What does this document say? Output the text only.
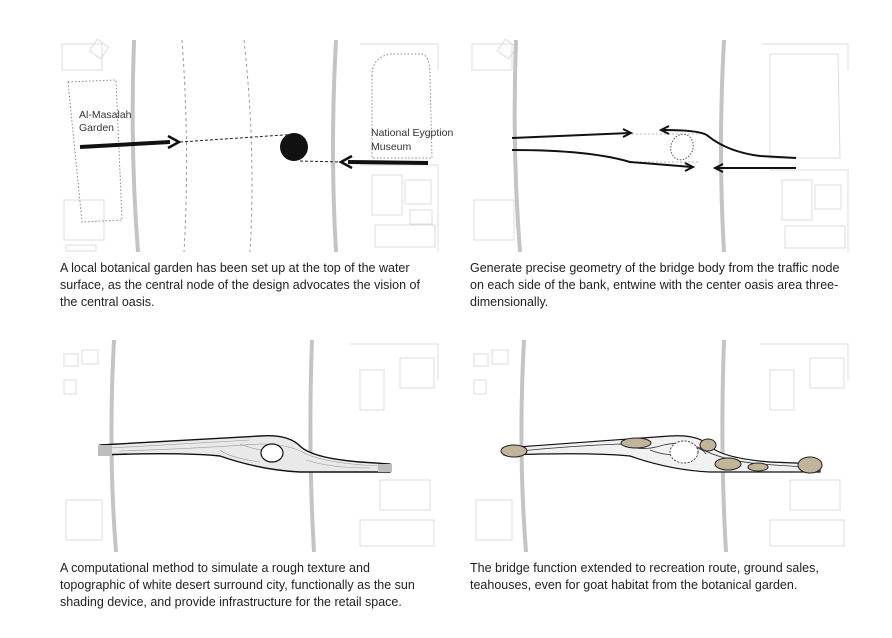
Al-Masalah
Garden	National Eygption
Museum

A local botanical garden has been set up at the top of the water surface, as the central node of the design advocates the vision of the central oasis.

Generate precise geometry of the bridge body from the traffic node on each side of the bank, entwine with the center oasis area three-dimensionally.

A computational method to simulate a rough texture and topographic of white desert surround city, functionally as the sun shading device, and provide infrastructure for the retail space.

The bridge function extended to recreation route, ground sales, teahouses, even for goat habitat from the botanical garden.
